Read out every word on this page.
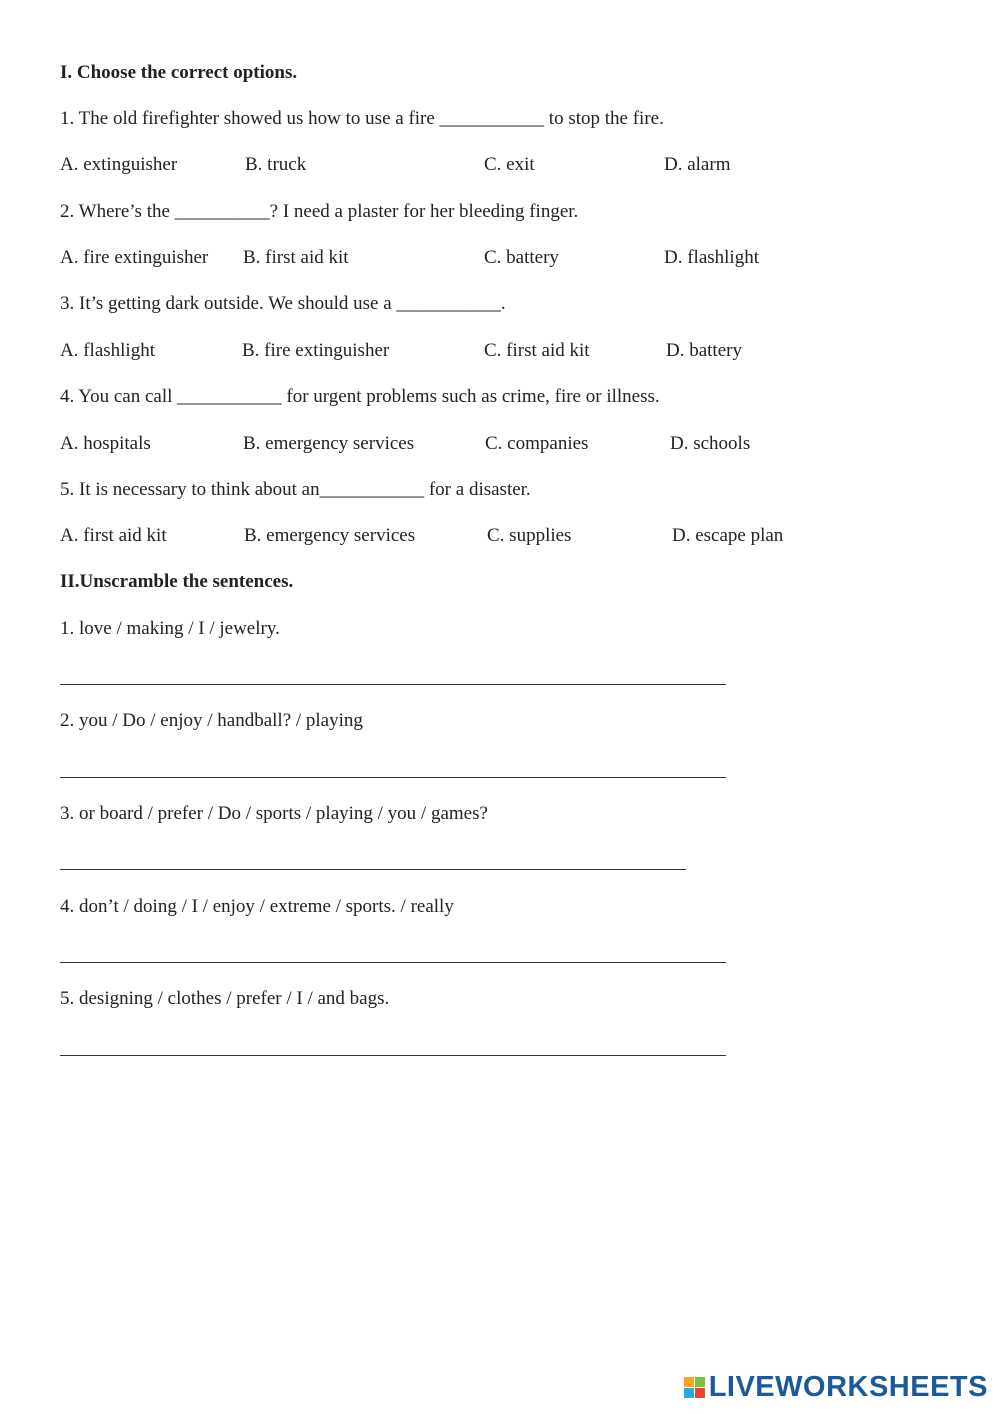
I. Choose the correct options.
1. The old firefighter showed us how to use a fire ___________ to stop the fire.
A. extinguisher	B. truck	C. exit	D. alarm
2. Where’s the __________? I need a plaster for her bleeding finger.
A. fire extinguisher B. first aid kit	C. battery	D. flashlight
3. It’s getting dark outside. We should use a ___________.
A. flashlight	B. fire extinguisher	C. first aid kit	D. battery
4. You can call ___________ for urgent problems such as crime, fire or illness.
A. hospitals	B. emergency services	C. companies	D. schools
5. It is necessary to think about an___________ for a disaster.
A. first aid kit	B. emergency services	C. supplies	D. escape plan
II.Unscramble the sentences.
1. love / making / I / jewelry.
2. you / Do / enjoy / handball? / playing
3. or board / prefer / Do / sports / playing / you / games?
4. don’t / doing / I / enjoy / extreme / sports. / really
5. designing / clothes / prefer / I / and bags.
LIVEWORKSHEETS
